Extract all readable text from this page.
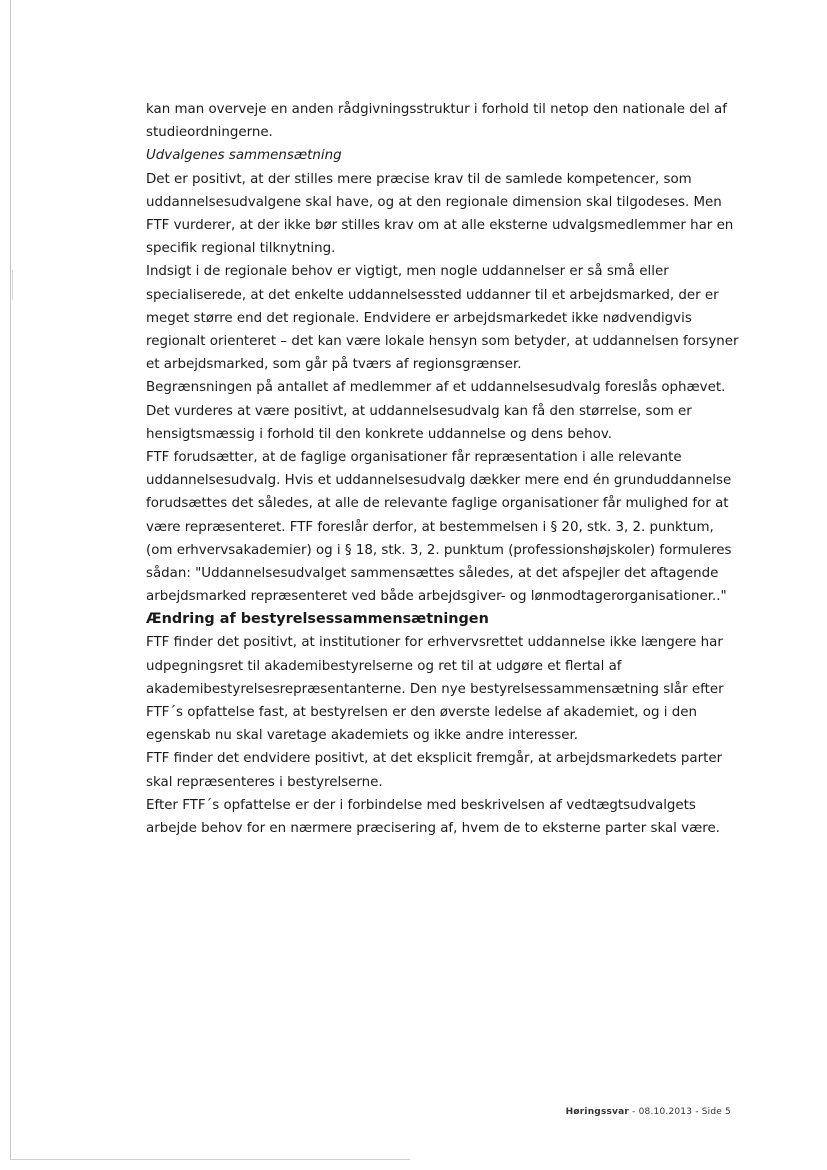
kan man overveje en anden rådgivningsstruktur i forhold til netop den nationale del af studieordningerne.

Udvalgenes sammensætning

Det er positivt, at der stilles mere præcise krav til de samlede kompetencer, som uddannelsesudvalgene skal have, og at den regionale dimension skal tilgodeses. Men FTF vurderer, at der ikke bør stilles krav om at alle eksterne udvalgsmedlemmer har en specifik regional tilknytning.

Indsigt i de regionale behov er vigtigt, men nogle uddannelser er så små eller specialiserede, at det enkelte uddannelsessted uddanner til et arbejdsmarked, der er meget større end det regionale. Endvidere er arbejdsmarkedet ikke nødvendigvis regionalt orienteret – det kan være lokale hensyn som betyder, at uddannelsen forsyner et arbejdsmarked, som går på tværs af regionsgrænser.

Begrænsningen på antallet af medlemmer af et uddannelsesudvalg foreslås ophævet. Det vurderes at være positivt, at uddannelsesudvalg kan få den størrelse, som er hensigtsmæssig i forhold til den konkrete uddannelse og dens behov.

FTF forudsætter, at de faglige organisationer får repræsentation i alle relevante uddannelsesudvalg. Hvis et uddannelsesudvalg dækker mere end én grunduddannelse forudsættes det således, at alle de relevante faglige organisationer får mulighed for at være repræsenteret. FTF foreslår derfor, at bestemmelsen i § 20, stk. 3, 2. punktum, (om erhvervsakademier) og i § 18, stk. 3, 2. punktum (professionshøjskoler) formuleres sådan: "Uddannelsesudvalget sammensættes således, at det afspejler det aftagende arbejdsmarked repræsenteret ved både arbejdsgiver- og lønmodtagerorganisationer.."

Ændring af bestyrelsessammensætningen

FTF finder det positivt, at institutioner for erhvervsrettet uddannelse ikke længere har udpegningsret til akademibestyrelserne og ret til at udgøre et flertal af akademibestyrelsesrepræsentanterne. Den nye bestyrelsessammensætning slår efter FTF´s opfattelse fast, at bestyrelsen er den øverste ledelse af akademiet, og i den egenskab nu skal varetage akademiets og ikke andre interesser.

FTF finder det endvidere positivt, at det eksplicit fremgår, at arbejdsmarkedets parter skal repræsenteres i bestyrelserne.

Efter FTF´s opfattelse er der i forbindelse med beskrivelsen af vedtægtsudvalgets arbejde behov for en nærmere præcisering af, hvem de to eksterne parter skal være.

Høringssvar - 08.10.2013 - Side 5
